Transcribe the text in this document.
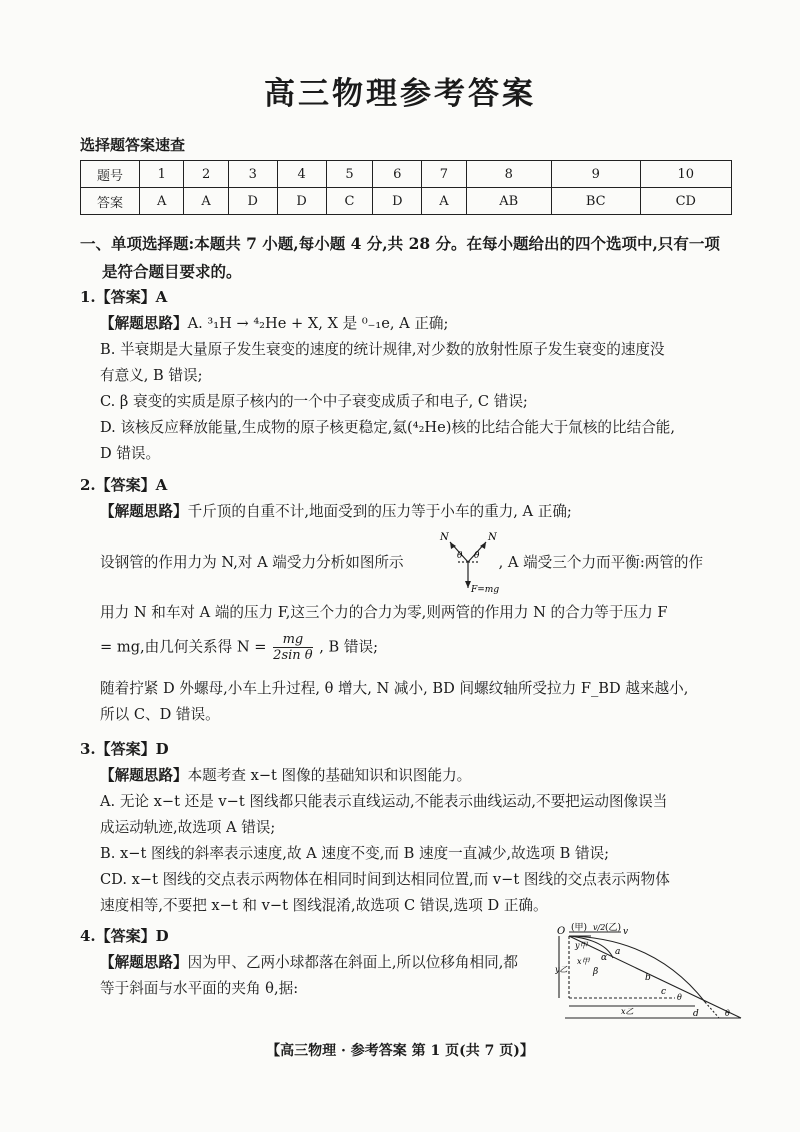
高三物理参考答案
选择题答案速查
题号	1	2	3	4	5	6	7	8	9	10
答案	A	A	D	D	C	D	A	AB	BC	CD
一、单项选择题:本题共 7 小题,每小题 4 分,共 28 分。在每小题给出的四个选项中,只有一项
是符合题目要求的。
1.【答案】A
【解题思路】A. ³₁H → ⁴₂He + X, X 是 ⁰₋₁e, A 正确;
B. 半衰期是大量原子发生衰变的速度的统计规律,对少数的放射性原子发生衰变的速度没
有意义, B 错误;
C. β 衰变的实质是原子核内的一个中子衰变成质子和电子, C 错误;
D. 该核反应释放能量,生成物的原子核更稳定,氦(⁴₂He)核的比结合能大于氚核的比结合能,
D 错误。
2.【答案】A
【解题思路】千斤顶的自重不计,地面受到的压力等于小车的重力, A 正确;
设钢管的作用力为 N,对 A 端受力分析如图所示	, A 端受三个力而平衡:两管的作
N	N
θ θ
F=mg
用力 N 和车对 A 端的压力 F,这三个力的合力为零,则两管的作用力 N 的合力等于压力 F
= mg,由几何关系得 $N = \frac{mg}{\text{2sin θ}}$ , B 错误;
随着拧紧 D 外螺母,小车上升过程, θ 增大, N 减小, BD 间螺纹轴所受拉力 F_BD 越来越小,
所以 C、D 错误。
3.【答案】D
【解题思路】本题考查 x−t 图像的基础知识和识图能力。
A. 无论 x−t 还是 v−t 图线都只能表示直线运动,不能表示曲线运动,不要把运动图像误当
成运动轨迹,故选项 A 错误;
B. x−t 图线的斜率表示速度,故 A 速度不变,而 B 速度一直减少,故选项 B 错误;
CD. x−t 图线的交点表示两物体在相同时间到达相同位置,而 v−t 图线的交点表示两物体
速度相等,不要把 x−t 和 v−t 图线混淆,故选项 C 错误,选项 D 正确。
4.【答案】D
【解题思路】因为甲、乙两小球都落在斜面上,所以位移角相同,都
等于斜面与水平面的夹角 θ,据:
O (甲) v/2 (乙) v
y甲
x甲 α
β
a
b
c
d
y乙
x乙
θ
θ
【高三物理 · 参考答案 第 1 页(共 7 页)】
